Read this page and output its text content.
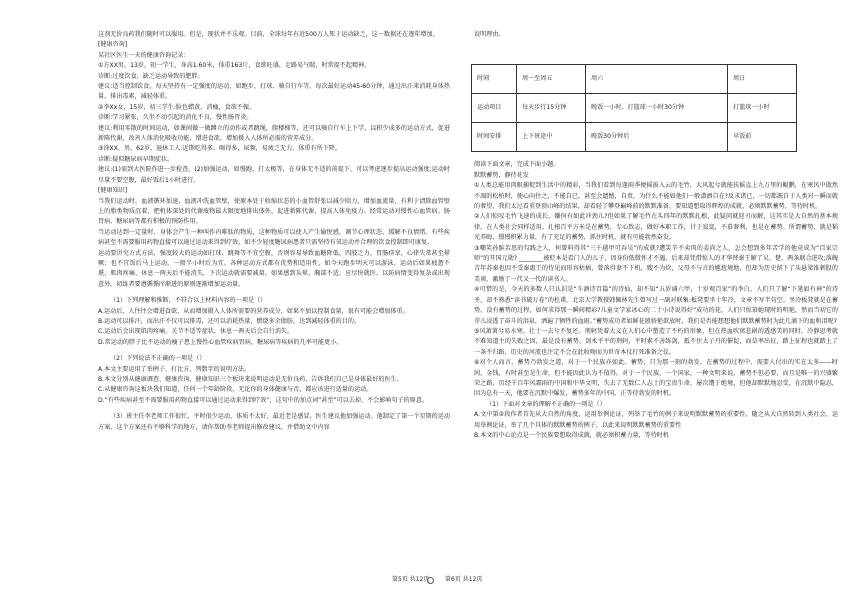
这剂无价良药我们随时可以服用。但是，现状并不乐观。目前，全球每年有近500万人死于运动缺乏，这一数据还在逐年增加。

[健康咨询]

某社区医生一天的健康咨询记录：

①方XX男，13岁，初一学生，身高1.60米，体重163斤，食欲旺盛，走路易气喘，时常提不起精神。

诊断:过度饮食，缺乏运动导致的肥胖。

建议:适当控制饮食，每天坚持有一定强度的运动，如跑步、打球、骑自行车等，每次最好运动45-60分钟，通过出汗来消耗身体热量，排出毒素，减轻体重。

②李Xx女，15岁，初三学生:脸色蜡黄，消瘦，食欲不振。

诊断:学习紧张，久坐不动引起的消化不良，慢性肠胃炎。

建议:利用零散的时间运动，如课间做一做蹲立的动作或者跳绳，爬楼梯等，还可以骑自行车上下学，以积少成多的运动方式，促进新陈代谢，改善人体消化吸收功能，增进食欲，增加摄入人体所必需的营养成分。

③徐XX，男，62岁，退休工人:近期吃得多，喝得多，尿频，易疲乏无力，体重有所下降。

诊断:疑似糖尿病早期症状。

建议:(1)需到大医院作进一步检查。(2)加强运动，如慢跑、打太极等，在身体无不适的前提下，可以考虑逐步提高运动强度;运动时尽量不要空腹，最好饭后1小时进行。

[健康知识]

当我们运动时，血液循环加速，血液冲洗血管壁，使原本处于收缩状态的小血管舒张以减少阻力，增加血流量，有利于清除血管壁上的脂类物质沉着，把机体深处的代谢废物最大限度地排出体外，促进新陈代谢，提高人体免疫力。经常运动对慢性心血管病、肠胃病、糖尿病等都有积极的预防作用。

当运动达到一定量时，身体会产生一种叫作内啡肽的物质，这种物质可以使人产生愉悦感，调节心理状态，缓解不良情绪。有些疾病甚至不需要服用药物直接可以通过运动来得到疗效，如不少轻度糖尿病患者只需坚持有氧运动并合理的饮食控制即可康复。

运动要讲究方式方法，强度较大的运动如打球、跳舞等不宜空腹，否则容易导致血糖降低、四肢乏力、胃肠痉挛、心律失常甚至晕厥；也不宜饭后马上运动，一般半小时后为宜。各种运动方式都有优势和适用性，如今天跑步明天可以游泳。运动后如果疲惫不堪、肌肉疼痛、休息一两天后不能消失，下次运动就需要减量。如果感到头晕、胸部不适，应尽快就医，以防病情变得复杂或出现意外。初练者要遵循循序渐进的原则逐渐增加运动量。

（1）下列理解和推断，不符合以上材料内容的一项是（）

A.运动后，人往往会增进食欲，从而增加摄入人体所需要的营养成分，如果不加以控制食量，很有可能会增加体重。

B.运动可以排汗，而出汗不仅可以排毒，还可以消耗热量，燃烧多余脂肪，达到减轻体重的目的。

C.运动后会出现肌肉疼痛，关节不适等症状，休息一两天后会自行消失。

D.常运动的胖子比不运动的瘦子患上慢性心血管疾病胃病，糖尿病等疾病的几率可能更小。

（2）下列说法不正确的一项是（）

A.本文主要运用了举例子、打比方、列数字的说明方法。

B.本文分别从健康调查、健康咨询、健康知识三个板块来说明运动是无价良药，告诉我们自己是身体最好的医生。

C.从健康咨询这板块我们知道，任何一个年龄阶段，无论你的身体健康与否，都应该进行适量的运动。

D.“有些疾病甚至不需要服用药物直接可以通过运动来得到疗效”，这句中的加点词“甚至”可以去掉，不会影响句子的原意。

（3）班主任李老师工作很忙，平时很少运动，体质不太好，最近老是感冒，医生建议他加强运动。他制定了第一个星期的运动方案，这个方案还有不够科学的地方，请你帮助李老师提出修改建议，并借助文中内容

说明理由。

时间	周一至周五	周六	周日
运动项目	每天步行15分钟	晚饭一小时、打篮球一小时30分钟	打篮球一小时
时间安排	上下班途中	晚饭30分钟后	早饭前

阅读下面文章，完成下面小题。

默默蓄势，静待花发

①人类总能用肉眼捕捉到生活中的精彩，当我们看到每逢雨季便摇拔入云的毛竹，大风起兮就能扶摇直上九万里的鲲鹏，在寒风中傲然不凋的松柏时，便心向往之，不能自已，甚至会遗憾，自责，为什么不能如他们一般潇洒自在?反求诸已，一切都源自于人类对一瞬而就的奢望，我们太过看重登顶山峰的结果，却看轻了攀登巅峰前的默默准备，要知道想取得辉煌的成就，必须默默蓄势，等待时机。

②人们惊叹毛竹飞速的成长，嫌何有如此冲劲儿?但如果了解毛竹在头四年的默默扎根，此疑问就迎刃而解，这其实是大自然的基本规律，在人类社会同样适用。扎根百平方米是在蓄势，专心致志，做好本职工作，甘于寂寞，不慕奢利，也是在蓄势。所谓蓄势，就是韬光养晦，慢慢积累力量，有了充足的蓄势，抓住时机，就有可能勃然奋发。

③嘲笑孙膑苦思的勾践之人，何曾料得其“三千越甲可吞吴”的成就?遭笑辛不卖肉的姜尚之人，怎会想到多年苦学的他竟成为“百家宗师”的开国元勋? ________被贬本是看门人的儿子，因身份低微怀才不遇，后来却凭借惊人的才华替秦王解了吴、楚，两条联合进攻;落魄青年苏秦也因不受秦惠王的待见而形容枯槁，曾落得妻不下机，嫂不为炊，父母不与言的尴尬境地，但却为历史留下了头悬梁锥刺股的美谈，激励了一代又一代的读书人。

④可惜的是，今天的多数人只认识是“斗酒诗百篇”的诗仙，却不知“五岁诵六甲，十岁观百家”的李白，人们只了解“下笔如有神”的诗圣，却不熟悉“读书破万卷”的杜甫。北京大学教授韩佩林先生曾写过一副对联集:板凳要坐十年冷，文章不写半句空。坐冷板凳就是在蓄势，没有蓄势的过程，如何求得那一瞬间精彩?儿童文学家冰心的二十小诗说得好“成功的花，人们只惊慕她现时的明艳，然而当初它的芽儿浸透了奋斗的泪泉，洒遍了牺牲的血雨。”蓄势成功者如鲜花般娇艳欲放时，我们是否能想想他们默默蓄势时为此几滴下的血和泪呢?

⑤风萧萧兮易水寒，壮士一去兮不复还。荆轲凭着大义在人们心中塑造了不朽的形象，但在热血吹窝悲剧的透感美的同时，冷静思考就不难知道主的失败之因，最是没有蓄势，剑术平平的荆轲，平时素不善练剑，抵不住太子丹的催促，而草率出征，踏上征程也就踏上了一条不归路，历史的河流也注定不会在此收吻而为世奇本仗打死准备之仗。

⑥对个人而言，蓄势乃勃发之道，对于一个民族亦如此。蓄势，只为那一刻的勃发，在蓄势的过程中，需要人付出的实在太多——时间，金钱，有时甚至是生命，但不能因此认为不值得。对于一个民族，一个国家，一种文明来说，蓄势不但必要，而且是唯一的兴盛繁荣之路，历经千百年风霜雨的中国和中华文明，失去了无数仁人志士的宝贵生命，屡次遭于绝境，但他却默默地忍受，在沉默中隐忍，因为总有一天，他要在沉默中爆发，蓄势多年的中国，正等待勃发的时机。

（1）下面对文章的理解不正确的一项是（）

A.文中第②段作者首先从大自然的角度，运用举例论证，列举了毛竹的例子来说明默默蓄势的重要性，随之从大自然转到人类社会，运用举例论证，举了几个具体的默默蓄势的例子，以此来说明默默蓄势的重要性

B.本文的中心论点是一个民族要想取得成就，就必须积蓄力量，等待时机

第5页 共12页	第6页 共12页
